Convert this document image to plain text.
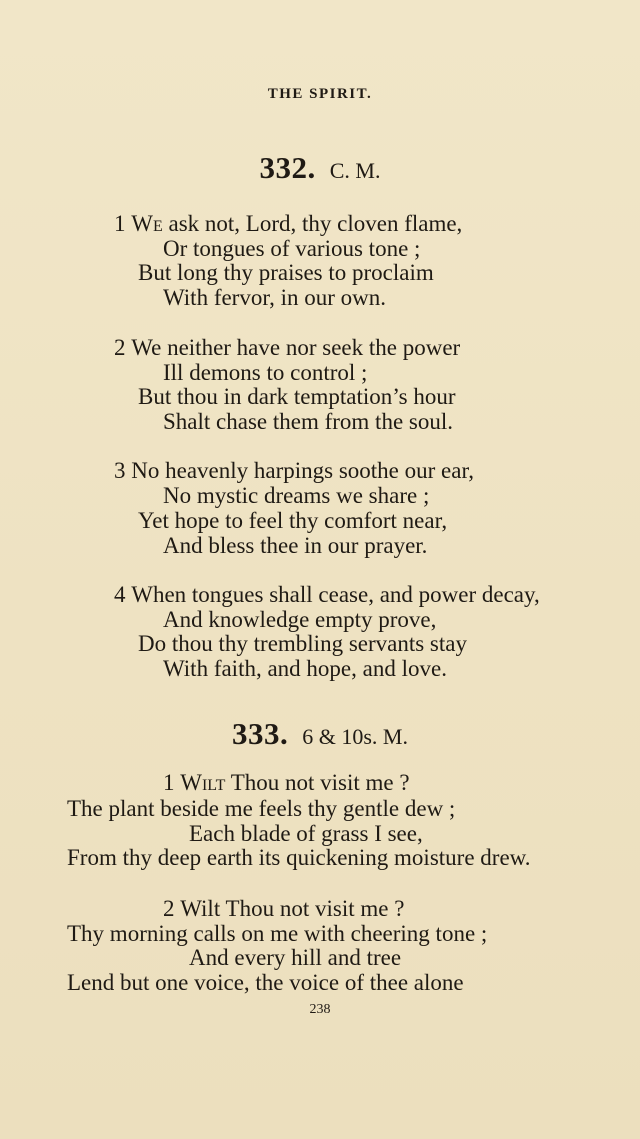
THE SPIRIT.
332. C. M.
1 We ask not, Lord, thy cloven flame,
Or tongues of various tone ;
But long thy praises to proclaim
With fervor, in our own.
2 We neither have nor seek the power
Ill demons to control ;
But thou in dark temptation’s hour
Shalt chase them from the soul.
3 No heavenly harpings soothe our ear,
No mystic dreams we share ;
Yet hope to feel thy comfort near,
And bless thee in our prayer.
4 When tongues shall cease, and power decay,
And knowledge empty prove,
Do thou thy trembling servants stay
With faith, and hope, and love.
333. 6 & 10s. M.
1 Wilt Thou not visit me ?
The plant beside me feels thy gentle dew ;
Each blade of grass I see,
From thy deep earth its quickening moisture drew.
2 Wilt Thou not visit me ?
Thy morning calls on me with cheering tone ;
And every hill and tree
Lend but one voice, the voice of thee alone
238
